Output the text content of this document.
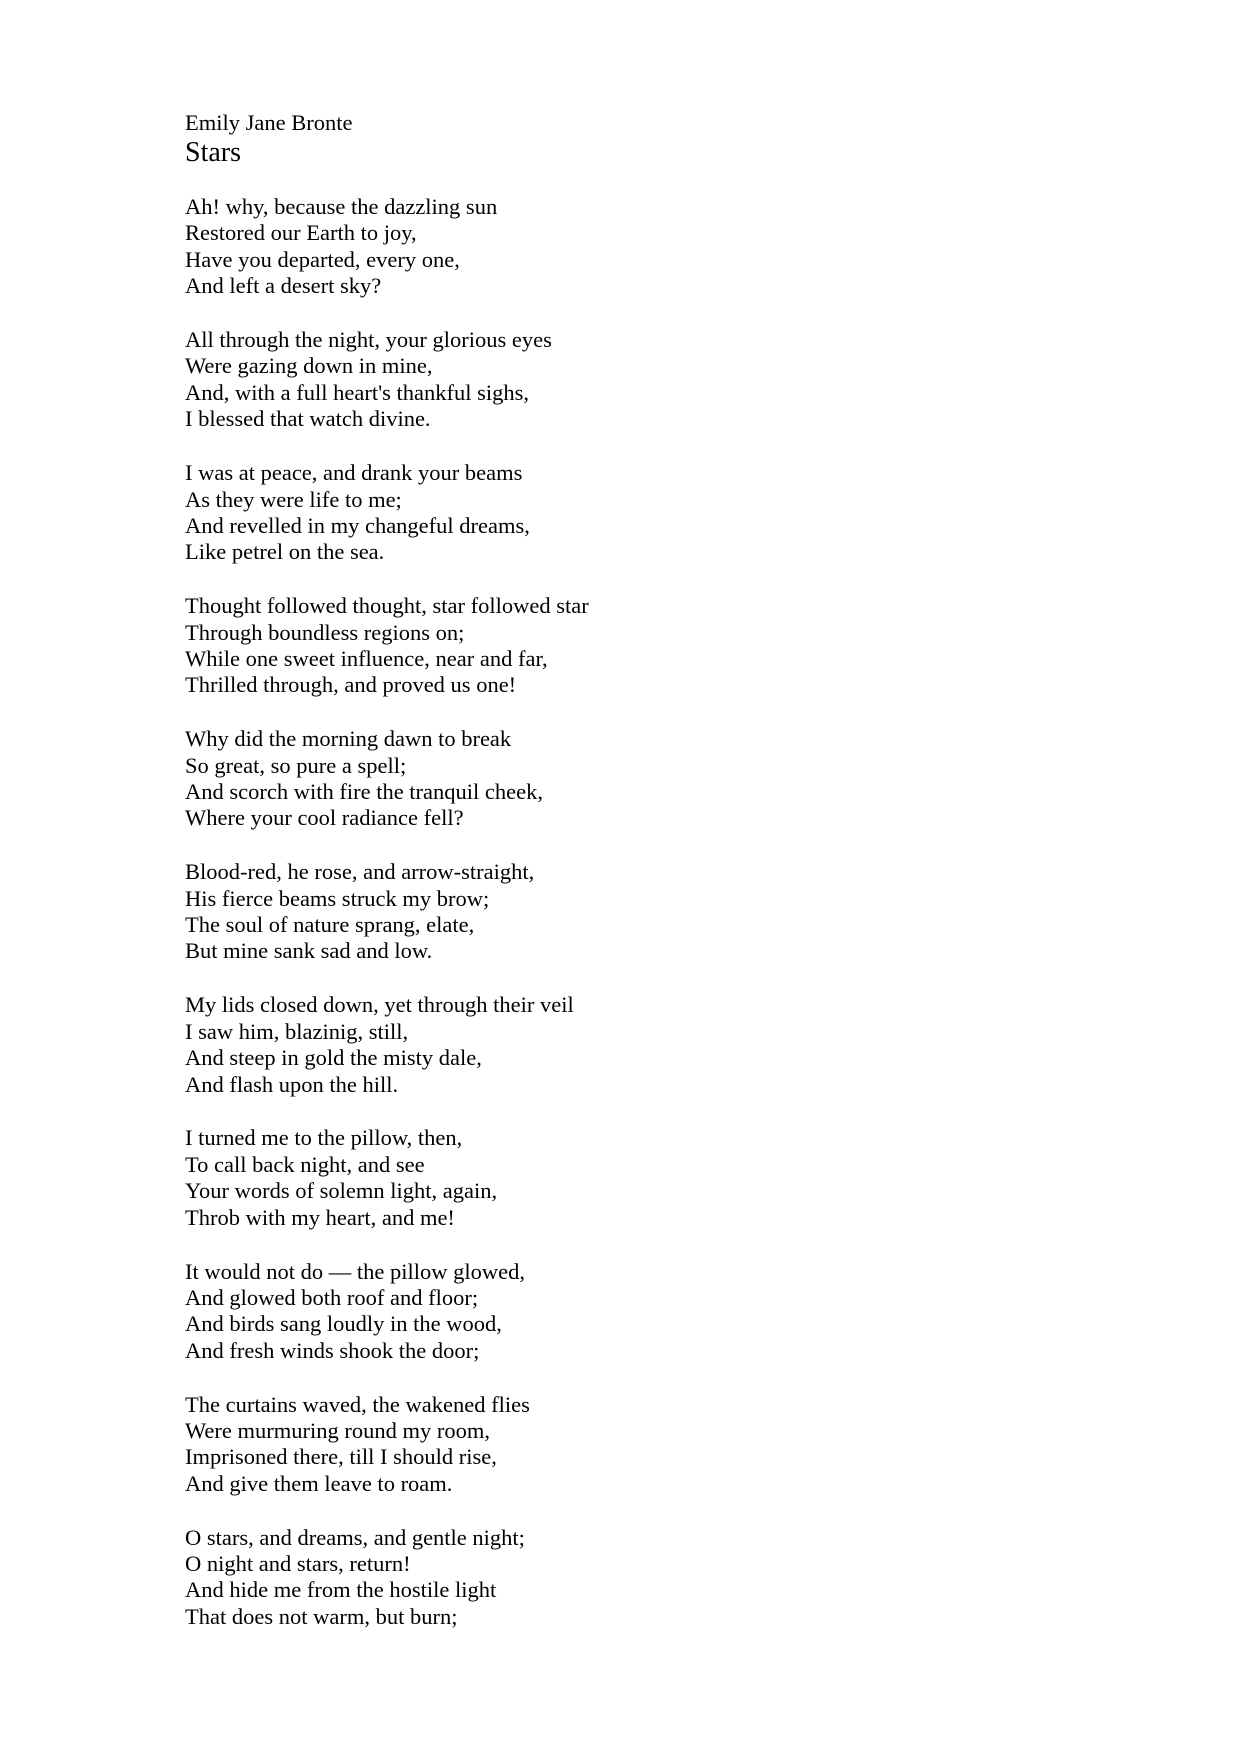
Emily Jane Bronte
Stars
Ah! why, because the dazzling sun
Restored our Earth to joy,
Have you departed, every one,
And left a desert sky?
All through the night, your glorious eyes
Were gazing down in mine,
And, with a full heart's thankful sighs,
I blessed that watch divine.
I was at peace, and drank your beams
As they were life to me;
And revelled in my changeful dreams,
Like petrel on the sea.
Thought followed thought, star followed star
Through boundless regions on;
While one sweet influence, near and far,
Thrilled through, and proved us one!
Why did the morning dawn to break
So great, so pure a spell;
And scorch with fire the tranquil cheek,
Where your cool radiance fell?
Blood-red, he rose, and arrow-straight,
His fierce beams struck my brow;
The soul of nature sprang, elate,
But mine sank sad and low.
My lids closed down, yet through their veil
I saw him, blazinig, still,
And steep in gold the misty dale,
And flash upon the hill.
I turned me to the pillow, then,
To call back night, and see
Your words of solemn light, again,
Throb with my heart, and me!
It would not do — the pillow glowed,
And glowed both roof and floor;
And birds sang loudly in the wood,
And fresh winds shook the door;
The curtains waved, the wakened flies
Were murmuring round my room,
Imprisoned there, till I should rise,
And give them leave to roam.
O stars, and dreams, and gentle night;
O night and stars, return!
And hide me from the hostile light
That does not warm, but burn;
